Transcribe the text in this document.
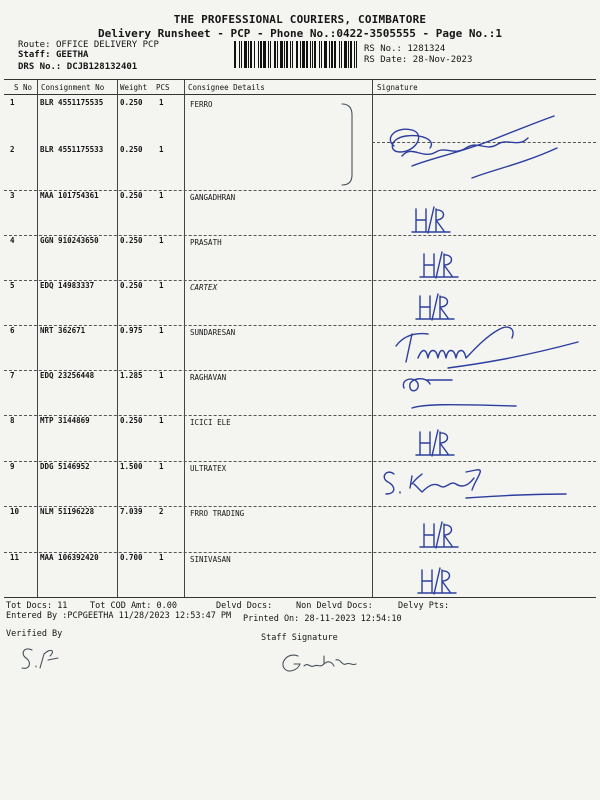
THE PROFESSIONAL COURIERS, COIMBATORE
Delivery Runsheet - PCP - Phone No.:0422-3505555 - Page No.:1
Route: OFFICE DELIVERY PCP
Staff: GEETHA
DRS No.: DCJB128132401
RS No.: 1281324
RS Date: 28-Nov-2023
S No Consignment No Weight PCS Consignee Details	Signature
1	BLR 4551175535 0.250 1	FERRO
2	BLR 4551175533 0.250 1
3	MAA 101754361	0.250 1	GANGADHRAN
4	GGN 910243650	0.250 1	PRASATH
5	EDQ 14983337	0.250 1	CARTEX
6	NRT 362671	0.975 1	SUNDARESAN
7	EDQ 23256448	1.285 1	RAGHAVAN
8	MTP 3144869	0.250 1	ICICI ELE
9	DDG 5146952	1.500 1	ULTRATEX
10	NLM 51196228	7.039 2	FRRO TRADING
11	MAA 106392420	0.700 1	SINIVASAN
Tot Docs: 11	Tot COD Amt: 0.00	Delvd Docs:	Non Delvd Docs:	Delvy Pts:
Entered By :PCPGEETHA 11/28/2023 12:53:47 PM Printed On: 28-11-2023 12:54:10
Verified By	Staff Signature
